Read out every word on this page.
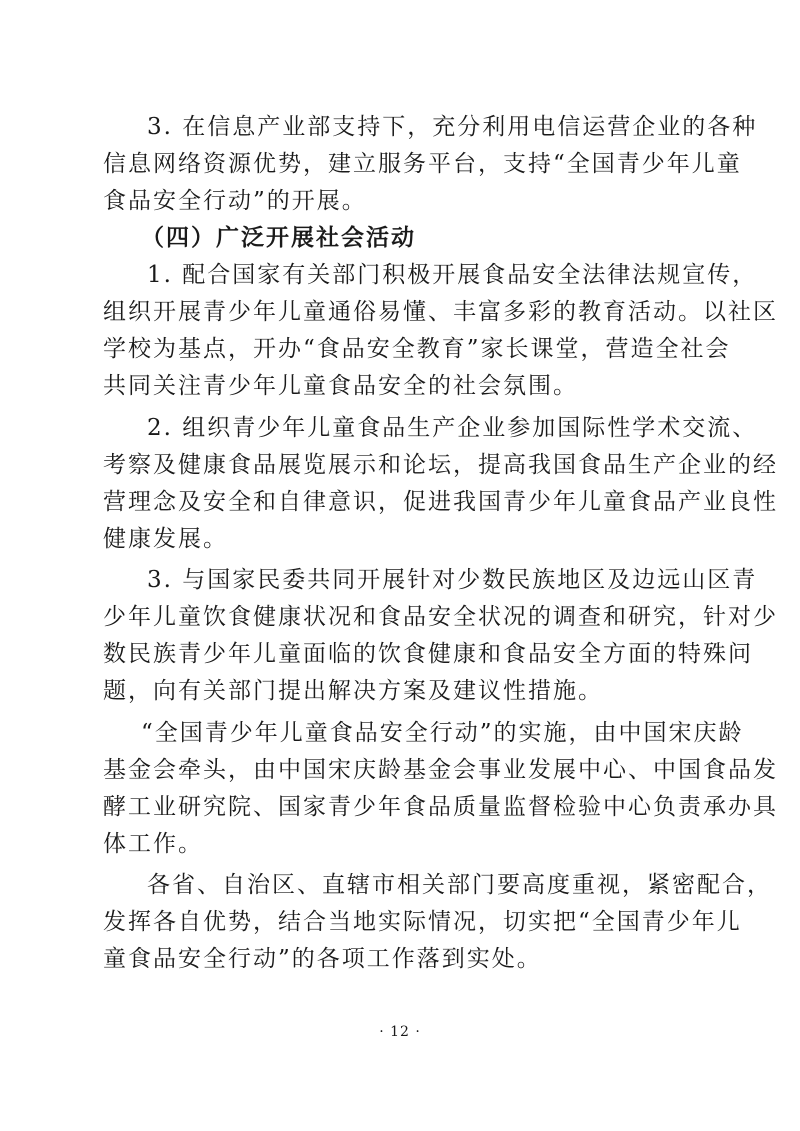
3. 在信息产业部支持下，充分利用电信运营企业的各种
信息网络资源优势，建立服务平台，支持“全国青少年儿童
食品安全行动”的开展。
（四）广泛开展社会活动
1. 配合国家有关部门积极开展食品安全法律法规宣传，
组织开展青少年儿童通俗易懂、丰富多彩的教育活动。以社区
学校为基点，开办“食品安全教育”家长课堂，营造全社会
共同关注青少年儿童食品安全的社会氛围。
2. 组织青少年儿童食品生产企业参加国际性学术交流、
考察及健康食品展览展示和论坛，提高我国食品生产企业的经
营理念及安全和自律意识，促进我国青少年儿童食品产业良性
健康发展。
3. 与国家民委共同开展针对少数民族地区及边远山区青
少年儿童饮食健康状况和食品安全状况的调查和研究，针对少
数民族青少年儿童面临的饮食健康和食品安全方面的特殊问
题，向有关部门提出解决方案及建议性措施。
“全国青少年儿童食品安全行动”的实施，由中国宋庆龄
基金会牵头，由中国宋庆龄基金会事业发展中心、中国食品发
酵工业研究院、国家青少年食品质量监督检验中心负责承办具
体工作。
各省、自治区、直辖市相关部门要高度重视，紧密配合，
发挥各自优势，结合当地实际情况，切实把“全国青少年儿
童食品安全行动”的各项工作落到实处。
· 12 ·
